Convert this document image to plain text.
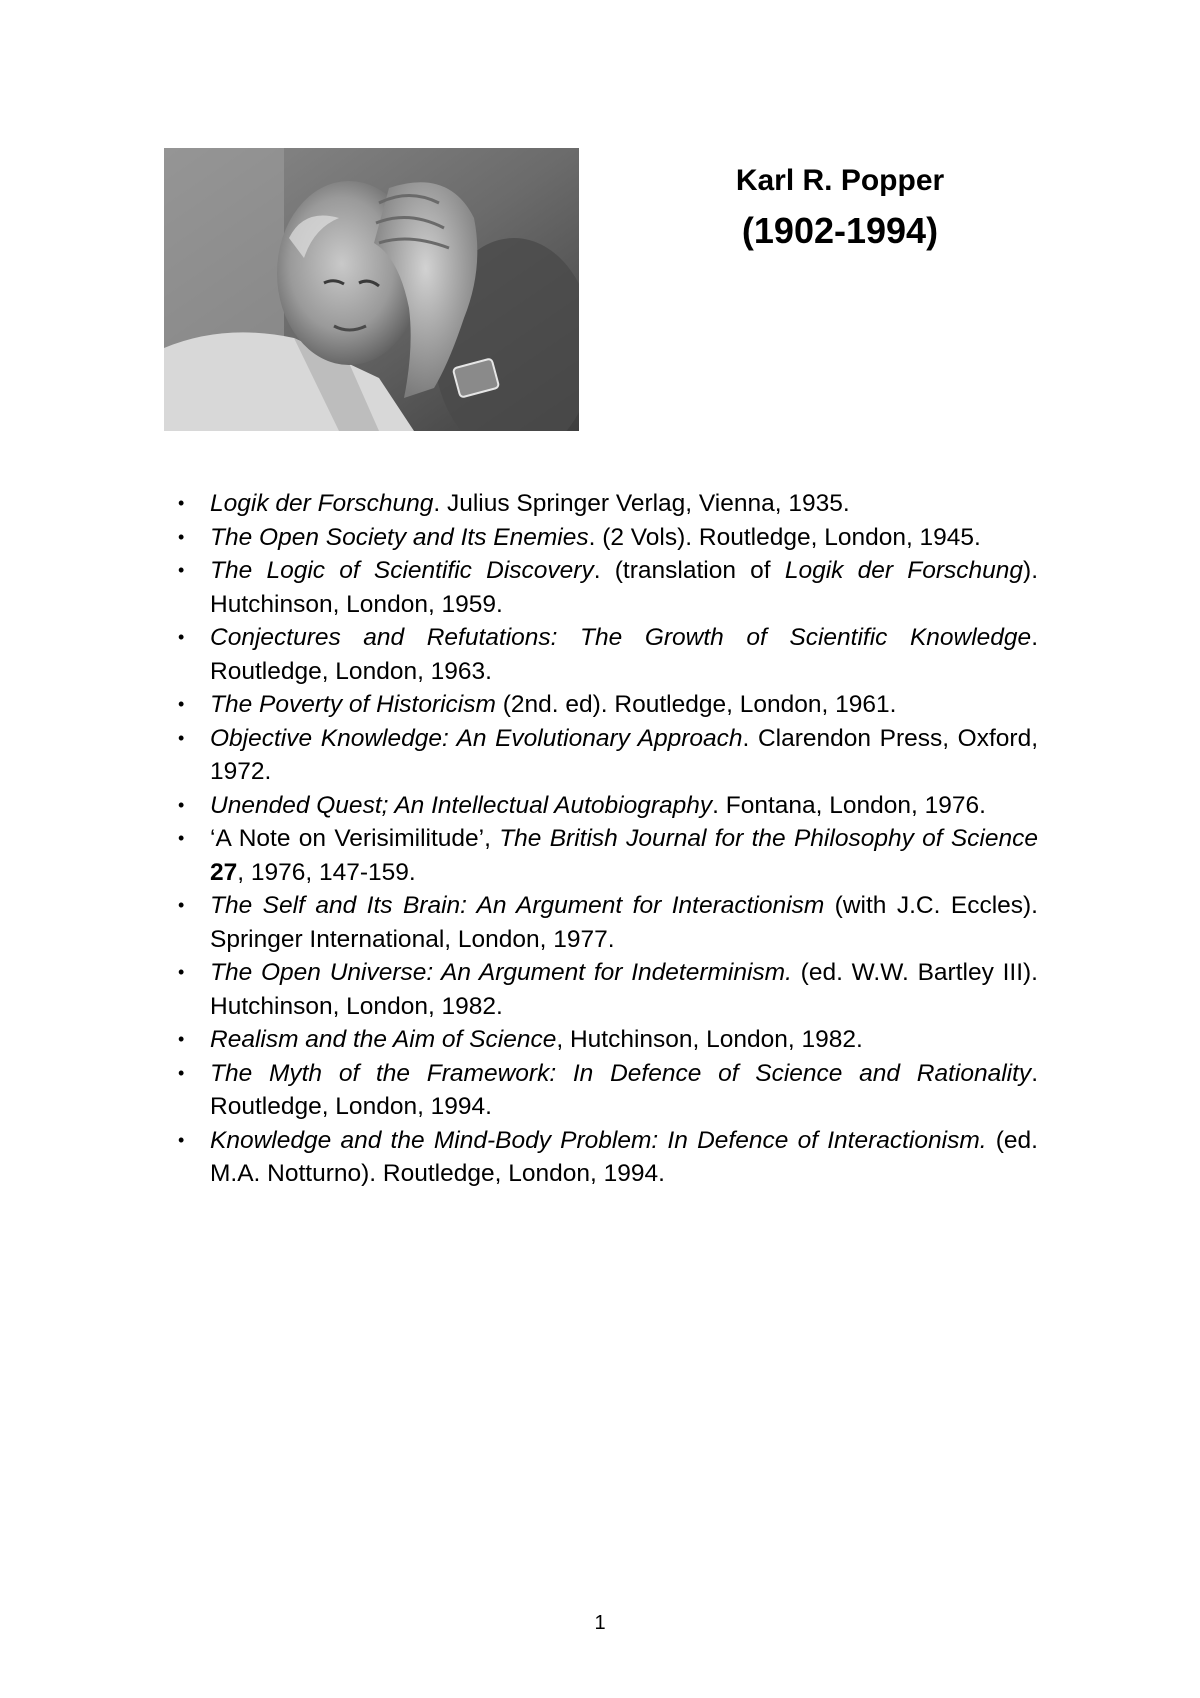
Karl R. Popper
(1902-1994)
• Logik der Forschung. Julius Springer Verlag, Vienna, 1935.
• The Open Society and Its Enemies. (2 Vols). Routledge, London, 1945.
• The Logic of Scientific Discovery. (translation of Logik der Forschung). Hutchinson, London, 1959.
• Conjectures and Refutations: The Growth of Scientific Knowledge. Routledge, London, 1963.
• The Poverty of Historicism (2nd. ed). Routledge, London, 1961.
• Objective Knowledge: An Evolutionary Approach. Clarendon Press, Oxford, 1972.
• Unended Quest; An Intellectual Autobiography. Fontana, London, 1976.
• ‘A Note on Verisimilitude’, The British Journal for the Philosophy of Science 27, 1976, 147-159.
• The Self and Its Brain: An Argument for Interactionism (with J.C. Eccles). Springer International, London, 1977.
• The Open Universe: An Argument for Indeterminism. (ed. W.W. Bartley III). Hutchinson, London, 1982.
• Realism and the Aim of Science, Hutchinson, London, 1982.
• The Myth of the Framework: In Defence of Science and Rationality. Routledge, London, 1994.
• Knowledge and the Mind-Body Problem: In Defence of Interactionism. (ed. M.A. Notturno). Routledge, London, 1994.
1
